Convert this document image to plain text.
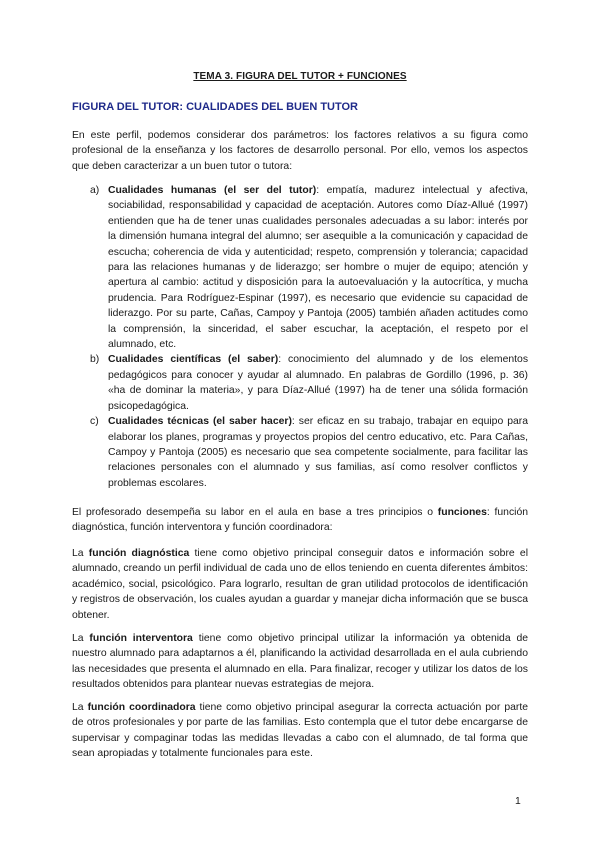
TEMA 3. FIGURA DEL TUTOR + FUNCIONES
FIGURA DEL TUTOR: CUALIDADES DEL BUEN TUTOR
En este perfil, podemos considerar dos parámetros: los factores relativos a su figura como profesional de la enseñanza y los factores de desarrollo personal. Por ello, vemos los aspectos que deben caracterizar a un buen tutor o tutora:
a) Cualidades humanas (el ser del tutor): empatía, madurez intelectual y afectiva, sociabilidad, responsabilidad y capacidad de aceptación. Autores como Díaz-Allué (1997) entienden que ha de tener unas cualidades personales adecuadas a su labor: interés por la dimensión humana integral del alumno; ser asequible a la comunicación y capacidad de escucha; coherencia de vida y autenticidad; respeto, comprensión y tolerancia; capacidad para las relaciones humanas y de liderazgo; ser hombre o mujer de equipo; atención y apertura al cambio: actitud y disposición para la autoevaluación y la autocrítica, y mucha prudencia. Para Rodríguez-Espinar (1997), es necesario que evidencie su capacidad de liderazgo. Por su parte, Cañas, Campoy y Pantoja (2005) también añaden actitudes como la comprensión, la sinceridad, el saber escuchar, la aceptación, el respeto por el alumnado, etc.
b) Cualidades científicas (el saber): conocimiento del alumnado y de los elementos pedagógicos para conocer y ayudar al alumnado. En palabras de Gordillo (1996, p. 36) «ha de dominar la materia», y para Díaz-Allué (1997) ha de tener una sólida formación psicopedagógica.
c) Cualidades técnicas (el saber hacer): ser eficaz en su trabajo, trabajar en equipo para elaborar los planes, programas y proyectos propios del centro educativo, etc. Para Cañas, Campoy y Pantoja (2005) es necesario que sea competente socialmente, para facilitar las relaciones personales con el alumnado y sus familias, así como resolver conflictos y problemas escolares.
El profesorado desempeña su labor en el aula en base a tres principios o funciones: función diagnóstica, función interventora y función coordinadora:
La función diagnóstica tiene como objetivo principal conseguir datos e información sobre el alumnado, creando un perfil individual de cada uno de ellos teniendo en cuenta diferentes ámbitos: académico, social, psicológico. Para lograrlo, resultan de gran utilidad protocolos de identificación y registros de observación, los cuales ayudan a guardar y manejar dicha información que se busca obtener.
La función interventora tiene como objetivo principal utilizar la información ya obtenida de nuestro alumnado para adaptarnos a él, planificando la actividad desarrollada en el aula cubriendo las necesidades que presenta el alumnado en ella. Para finalizar, recoger y utilizar los datos de los resultados obtenidos para plantear nuevas estrategias de mejora.
La función coordinadora tiene como objetivo principal asegurar la correcta actuación por parte de otros profesionales y por parte de las familias. Esto contempla que el tutor debe encargarse de supervisar y compaginar todas las medidas llevadas a cabo con el alumnado, de tal forma que sean apropiadas y totalmente funcionales para este.
1
